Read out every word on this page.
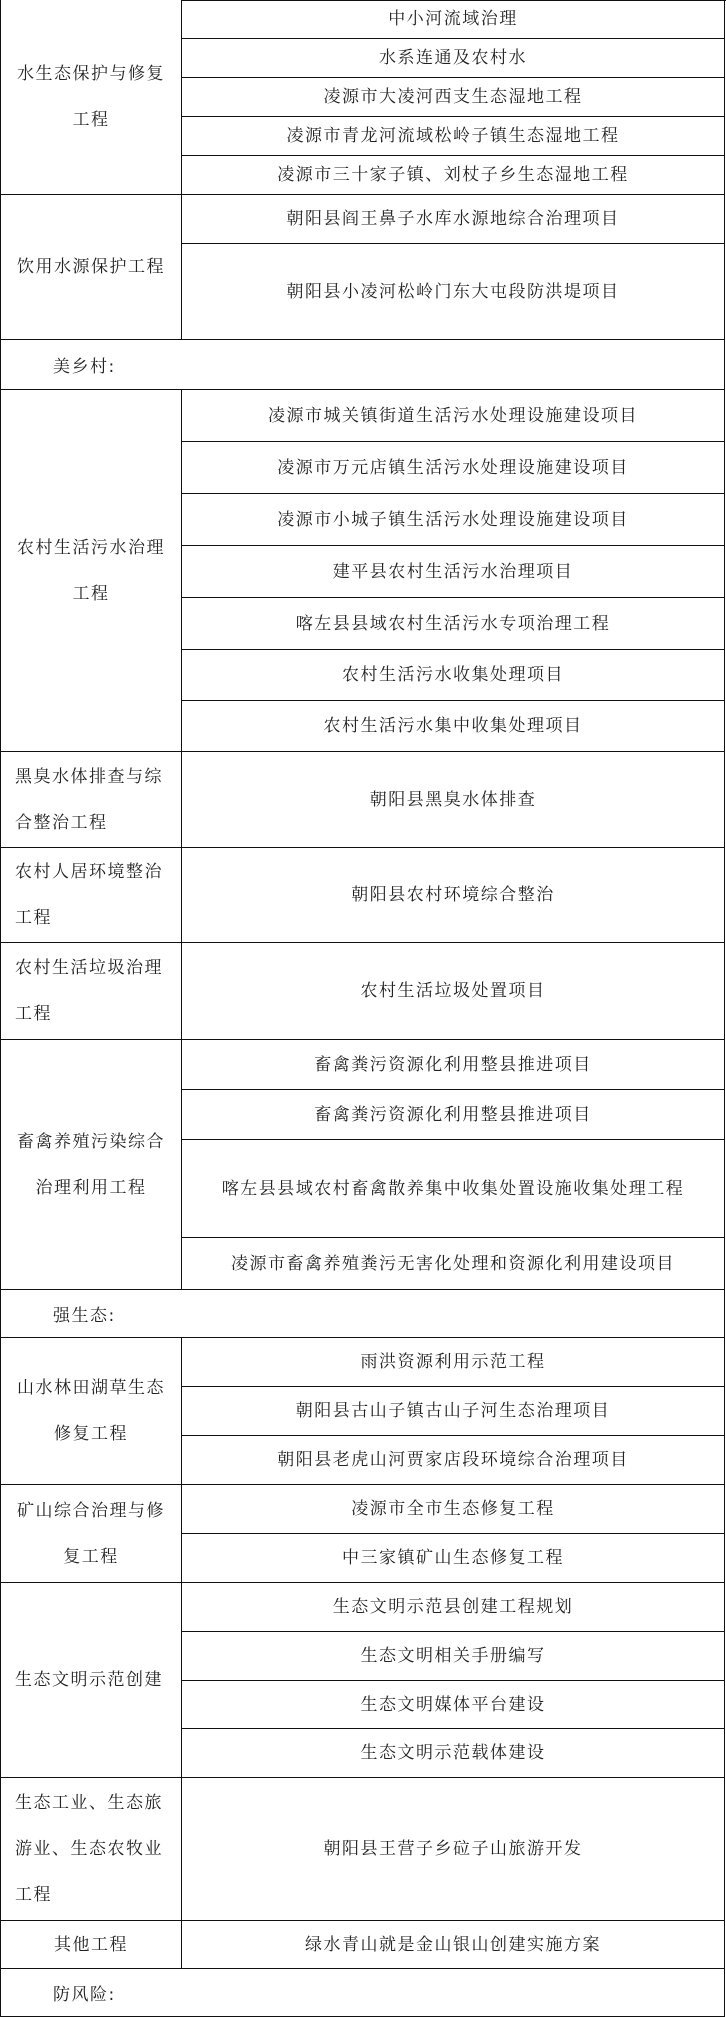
水生态保护与修复工程
中小河流域治理
水系连通及农村水
凌源市大凌河西支生态湿地工程
凌源市青龙河流域松岭子镇生态湿地工程
凌源市三十家子镇、刘杖子乡生态湿地工程
饮用水源保护工程
朝阳县阎王鼻子水库水源地综合治理项目
朝阳县小凌河松岭门东大屯段防洪堤项目
美乡村:
农村生活污水治理工程
凌源市城关镇街道生活污水处理设施建设项目
凌源市万元店镇生活污水处理设施建设项目
凌源市小城子镇生活污水处理设施建设项目
建平县农村生活污水治理项目
喀左县县域农村生活污水专项治理工程
农村生活污水收集处理项目
农村生活污水集中收集处理项目
黑臭水体排查与综合整治工程
朝阳县黑臭水体排查
农村人居环境整治工程
朝阳县农村环境综合整治
农村生活垃圾治理工程
农村生活垃圾处置项目
畜禽养殖污染综合治理利用工程
畜禽粪污资源化利用整县推进项目
畜禽粪污资源化利用整县推进项目
喀左县县域农村畜禽散养集中收集处置设施收集处理工程
凌源市畜禽养殖粪污无害化处理和资源化利用建设项目
强生态:
山水林田湖草生态修复工程
雨洪资源利用示范工程
朝阳县古山子镇古山子河生态治理项目
朝阳县老虎山河贾家店段环境综合治理项目
矿山综合治理与修复工程
凌源市全市生态修复工程
中三家镇矿山生态修复工程
生态文明示范创建
生态文明示范县创建工程规划
生态文明相关手册编写
生态文明媒体平台建设
生态文明示范载体建设
生态工业、生态旅游业、生态农牧业工程
朝阳县王营子乡砬子山旅游开发
其他工程	绿水青山就是金山银山创建实施方案
防风险:
